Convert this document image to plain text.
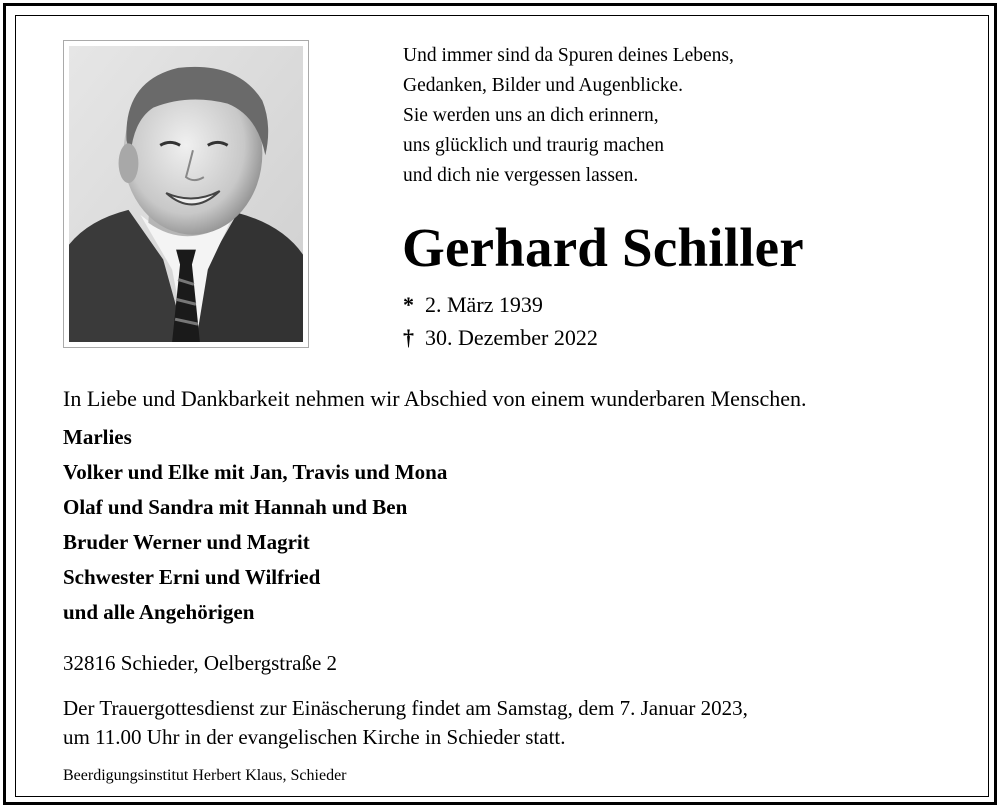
Und immer sind da Spuren deines Lebens,
Gedanken, Bilder und Augenblicke.
Sie werden uns an dich erinnern,
uns glücklich und traurig machen
und dich nie vergessen lassen.
Gerhard Schiller
* 2. März 1939
† 30. Dezember 2022
In Liebe und Dankbarkeit nehmen wir Abschied von einem wunderbaren Menschen.
Marlies
Volker und Elke mit Jan, Travis und Mona
Olaf und Sandra mit Hannah und Ben
Bruder Werner und Magrit
Schwester Erni und Wilfried
und alle Angehörigen
32816 Schieder, Oelbergstraße 2
Der Trauergottesdienst zur Einäscherung findet am Samstag, dem 7. Januar 2023,
um 11.00 Uhr in der evangelischen Kirche in Schieder statt.
Beerdigungsinstitut Herbert Klaus, Schieder
